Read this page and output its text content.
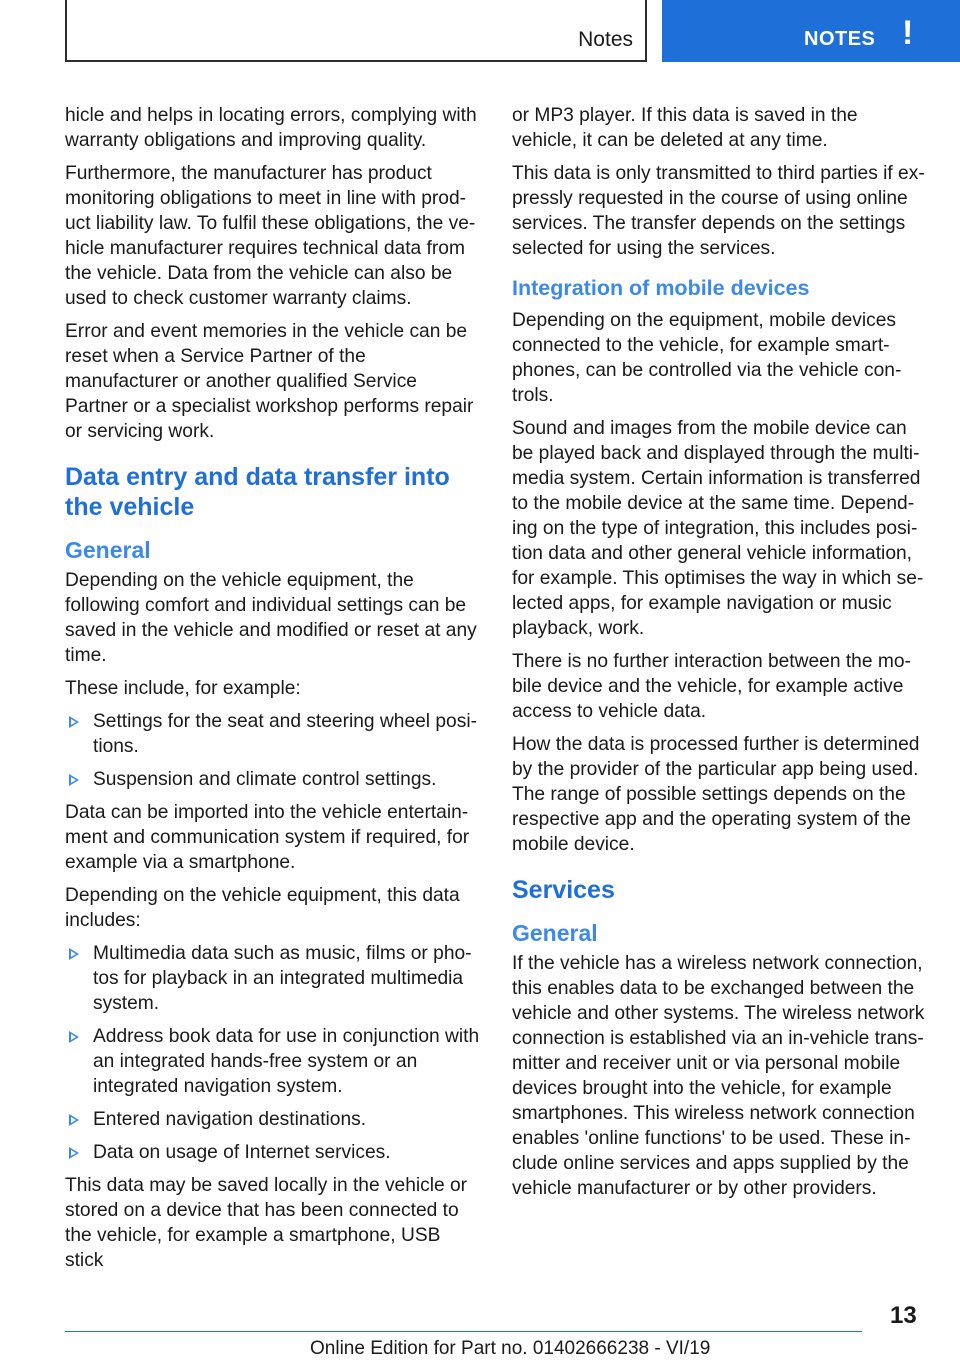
Notes	NOTES !

hicle and helps in locating errors, complying with warranty obligations and improving quality.

Furthermore, the manufacturer has product monitoring obligations to meet in line with product liability law. To fulfil these obligations, the vehicle manufacturer requires technical data from the vehicle. Data from the vehicle can also be used to check customer warranty claims.

Error and event memories in the vehicle can be reset when a Service Partner of the manufacturer or another qualified Service Partner or a specialist workshop performs repair or servicing work.

Data entry and data transfer into the vehicle
General

Depending on the vehicle equipment, the following comfort and individual settings can be saved in the vehicle and modified or reset at any time.

These include, for example:

Settings for the seat and steering wheel positions.
Suspension and climate control settings.

Data can be imported into the vehicle entertainment and communication system if required, for example via a smartphone.

Depending on the vehicle equipment, this data includes:

Multimedia data such as music, films or photos for playback in an integrated multimedia system.
Address book data for use in conjunction with an integrated hands-free system or an integrated navigation system.
Entered navigation destinations.
Data on usage of Internet services.

This data may be saved locally in the vehicle or stored on a device that has been connected to the vehicle, for example a smartphone, USB stick

or MP3 player. If this data is saved in the vehicle, it can be deleted at any time.

This data is only transmitted to third parties if expressly requested in the course of using online services. The transfer depends on the settings selected for using the services.

Integration of mobile devices

Depending on the equipment, mobile devices connected to the vehicle, for example smartphones, can be controlled via the vehicle controls.

Sound and images from the mobile device can be played back and displayed through the multimedia system. Certain information is transferred to the mobile device at the same time. Depending on the type of integration, this includes position data and other general vehicle information, for example. This optimises the way in which selected apps, for example navigation or music playback, work.

There is no further interaction between the mobile device and the vehicle, for example active access to vehicle data.

How the data is processed further is determined by the provider of the particular app being used. The range of possible settings depends on the respective app and the operating system of the mobile device.

Services
General

If the vehicle has a wireless network connection, this enables data to be exchanged between the vehicle and other systems. The wireless network connection is established via an in-vehicle transmitter and receiver unit or via personal mobile devices brought into the vehicle, for example smartphones. This wireless network connection enables 'online functions' to be used. These include online services and apps supplied by the vehicle manufacturer or by other providers.

13
Online Edition for Part no. 01402666238 - VI/19
